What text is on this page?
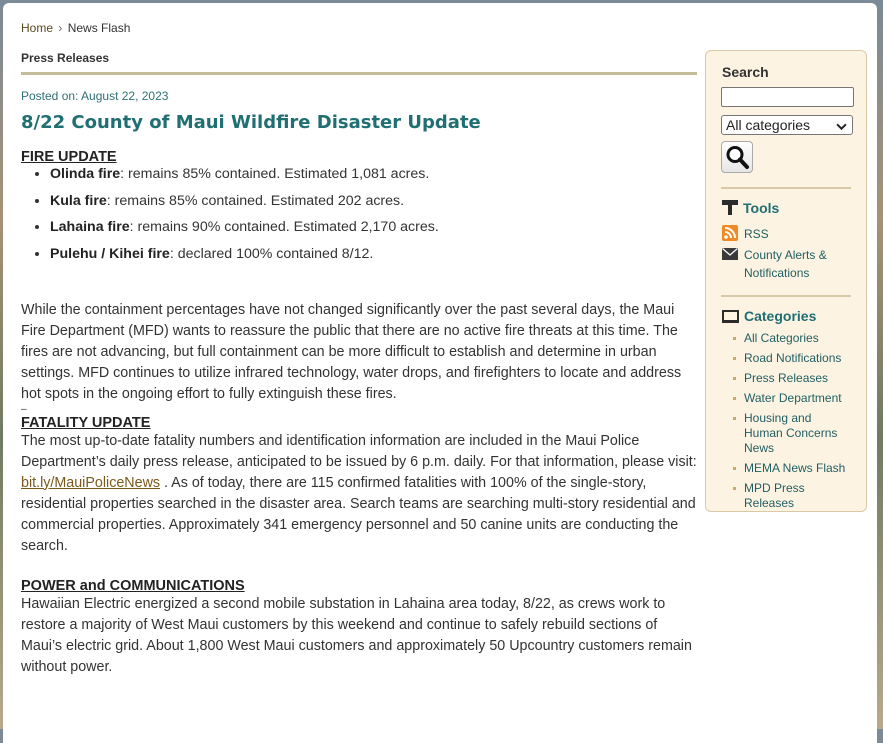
Home › News Flash
Press Releases
Posted on: August 22, 2023
8/22 County of Maui Wildfire Disaster Update
FIRE UPDATE
• Olinda fire: remains 85% contained. Estimated 1,081 acres.
• Kula fire: remains 85% contained. Estimated 202 acres.
• Lahaina fire: remains 90% contained. Estimated 2,170 acres.
• Pulehu / Kihei fire: declared 100% contained 8/12.

While the containment percentages have not changed significantly over the past several days, the Maui Fire Department (MFD) wants to reassure the public that there are no active fire threats at this time. The fires are not advancing, but full containment can be more difficult to establish and determine in urban settings. MFD continues to utilize infrared technology, water drops, and firefighters to locate and address hot spots in the ongoing effort to fully extinguish these fires.

–
FATALITY UPDATE

The most up-to-date fatality numbers and identification information are included in the Maui Police Department’s daily press release, anticipated to be issued by 6 p.m. daily. For that information, please visit: bit.ly/MauiPoliceNews . As of today, there are 115 confirmed fatalities with 100% of the single-story, residential properties searched in the disaster area. Search teams are searching multi-story residential and commercial properties. Approximately 341 emergency personnel and 50 canine units are conducting the search.

POWER and COMMUNICATIONS

Hawaiian Electric energized a second mobile substation in Lahaina area today, 8/22, as crews work to restore a majority of West Maui customers by this weekend and continue to safely rebuild sections of Maui’s electric grid. About 1,800 West Maui customers and approximately 50 Upcountry customers remain without power.

Search
All categories
Tools
RSS
County Alerts & Notifications
Categories
All Categories
Road Notifications
Press Releases
Water Department
Housing and Human Concerns News
MEMA News Flash
MPD Press Releases
